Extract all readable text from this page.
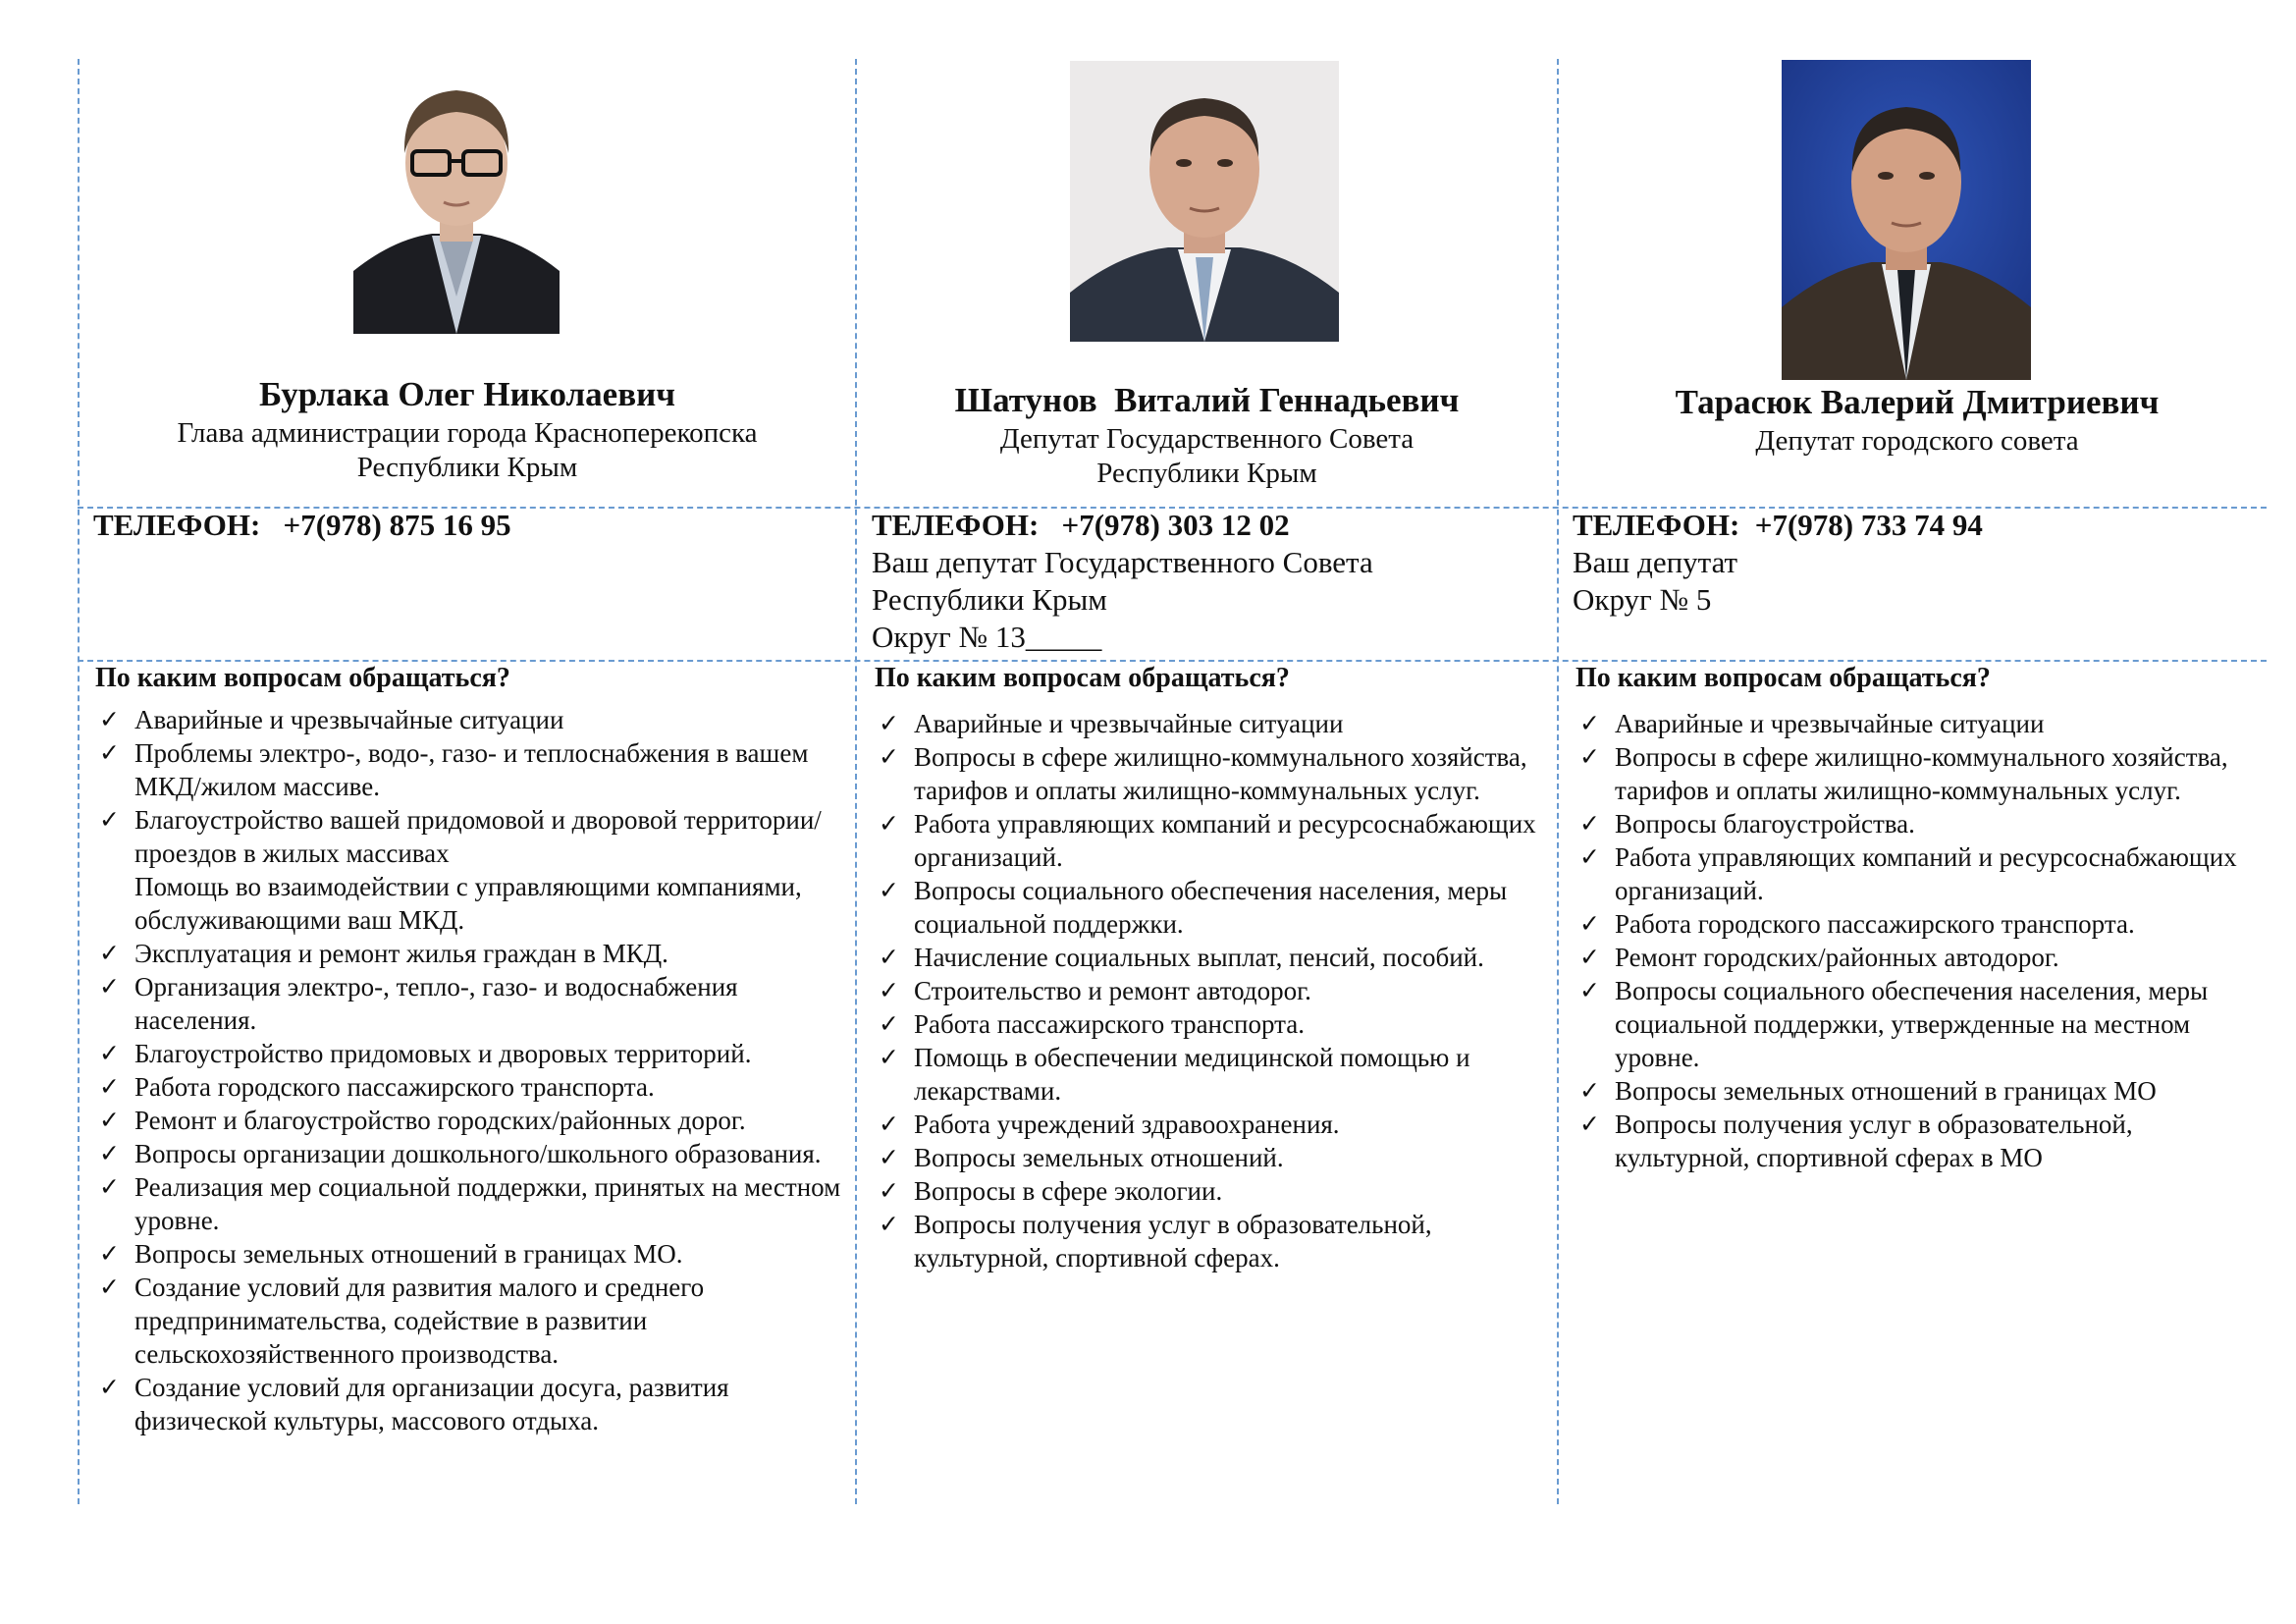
Бурлака Олег Николаевич
Глава администрации города Красноперекопска
Республики Крым
ТЕЛЕФОН: +7(978) 875 16 95
По каким вопросам обращаться?
✓ Аварийные и чрезвычайные ситуации
✓ Проблемы электро-, водо-, газо- и теплоснабжения в вашем МКД/жилом массиве.
✓ Благоустройство вашей придомовой и дворовой территории/проездов в жилых массивах
Помощь во взаимодействии с управляющими компаниями, обслуживающими ваш МКД.
✓ Эксплуатация и ремонт жилья граждан в МКД.
✓ Организация электро-, тепло-, газо- и водоснабжения населения.
✓ Благоустройство придомовых и дворовых территорий.
✓ Работа городского пассажирского транспорта.
✓ Ремонт и благоустройство городских/районных дорог.
✓ Вопросы организации дошкольного/школьного образования.
✓ Реализация мер социальной поддержки, принятых на местном уровне.
✓ Вопросы земельных отношений в границах МО.
✓ Создание условий для развития малого и среднего предпринимательства, содействие в развитии сельскохозяйственного производства.
✓ Создание условий для организации досуга, развития физической культуры, массового отдыха.
Шатунов  Виталий Геннадьевич
Депутат Государственного Совета
Республики Крым
ТЕЛЕФОН: +7(978) 303 12 02
Ваш депутат Государственного Совета
Республики Крым
Округ № 13_____
По каким вопросам обращаться?
✓ Аварийные и чрезвычайные ситуации
✓ Вопросы в сфере жилищно-коммунального хозяйства, тарифов и оплаты жилищно-коммунальных услуг.
✓ Работа управляющих компаний и ресурсоснабжающих организаций.
✓ Вопросы социального обеспечения населения, меры социальной поддержки.
✓ Начисление социальных выплат, пенсий, пособий.
✓ Строительство и ремонт автодорог.
✓ Работа пассажирского транспорта.
✓ Помощь в обеспечении медицинской помощью и лекарствами.
✓ Работа учреждений здравоохранения.
✓ Вопросы земельных отношений.
✓ Вопросы в сфере экологии.
✓ Вопросы получения услуг в образовательной, культурной, спортивной сферах.
Тарасюк Валерий Дмитриевич
Депутат городского совета
ТЕЛЕФОН: +7(978) 733 74 94
Ваш депутат
Округ № 5
По каким вопросам обращаться?
✓ Аварийные и чрезвычайные ситуации
✓ Вопросы в сфере жилищно-коммунального хозяйства, тарифов и оплаты жилищно-коммунальных услуг.
✓ Вопросы благоустройства.
✓ Работа управляющих компаний и ресурсоснабжающих организаций.
✓ Работа городского пассажирского транспорта.
✓ Ремонт городских/районных автодорог.
✓ Вопросы социального обеспечения населения, меры социальной поддержки, утвержденные на местном уровне.
✓ Вопросы земельных отношений в границах МО
✓ Вопросы получения услуг в образовательной, культурной, спортивной сферах в МО
